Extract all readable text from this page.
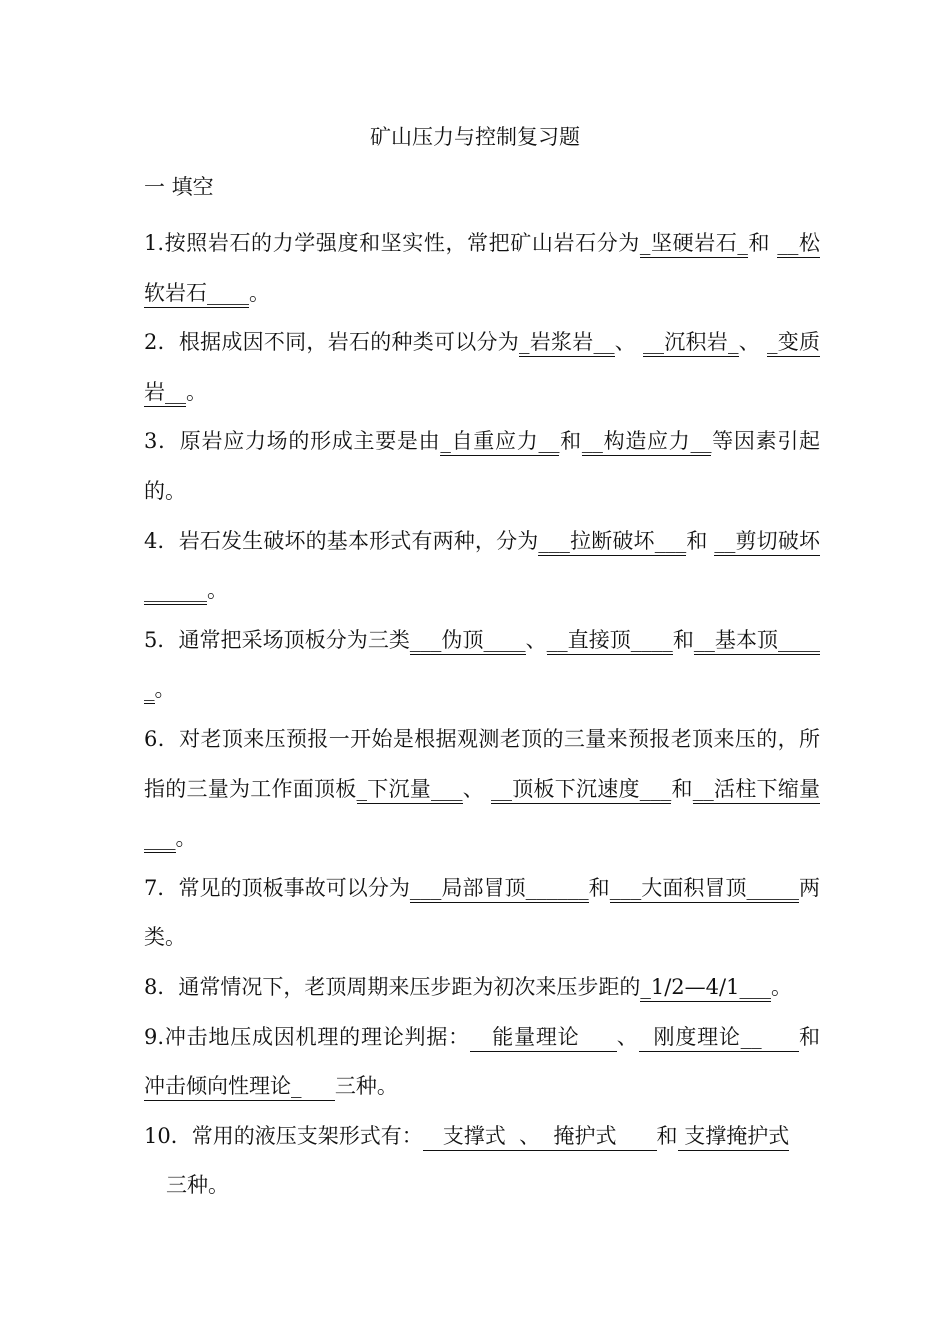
矿山压力与控制复习题
一 填空
1.按照岩石的力学强度和坚实性，常把矿山岩石分为_坚硬岩石_和 __松软岩石____。
2．根据成因不同，岩石的种类可以分为_岩浆岩__、 __沉积岩_、 _变质岩__。
3．原岩应力场的形成主要是由_自重应力__和__构造应力__等因素引起的。
4．岩石发生破坏的基本形式有两种，分为___拉断破坏___和 __剪切破坏______。
5．通常把采场顶板分为三类___伪顶____、__直接顶____和__基本顶_____。
6．对老顶来压预报一开始是根据观测老顶的三量来预报老顶来压的，所指的三量为工作面顶板_下沉量___、 __顶板下沉速度___和__活柱下缩量___。
7．常见的顶板事故可以分为___局部冒顶______和___大面积冒顶_____两类。
8．通常情况下，老顶周期来压步距为初次来压步距的_1/2—4/1___。
9.冲击地压成因机理的理论判据：   能量理论     、  刚度理论__     和冲击倾向性理论_     三种。
10．常用的液压支架形式有：   支撑式  、  掩护式      和 支撑掩护式
三种。
